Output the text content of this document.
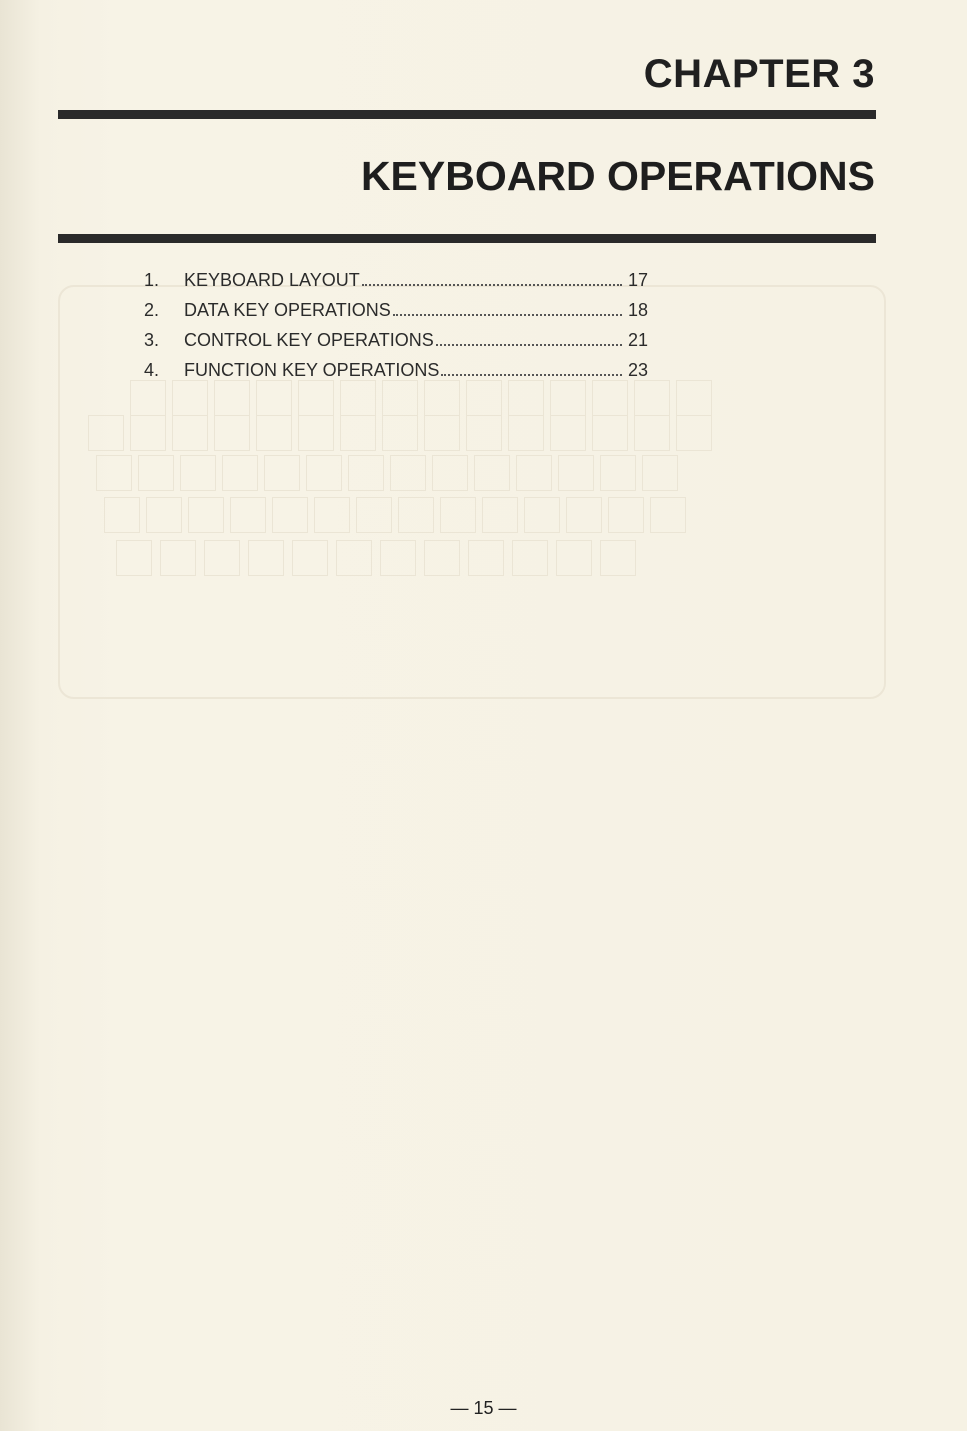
CHAPTER 3
KEYBOARD OPERATIONS
1.	KEYBOARD LAYOUT	17
2.	DATA KEY OPERATIONS	18
3.	CONTROL KEY OPERATIONS	21
4.	FUNCTION KEY OPERATIONS	23
— 15 —
